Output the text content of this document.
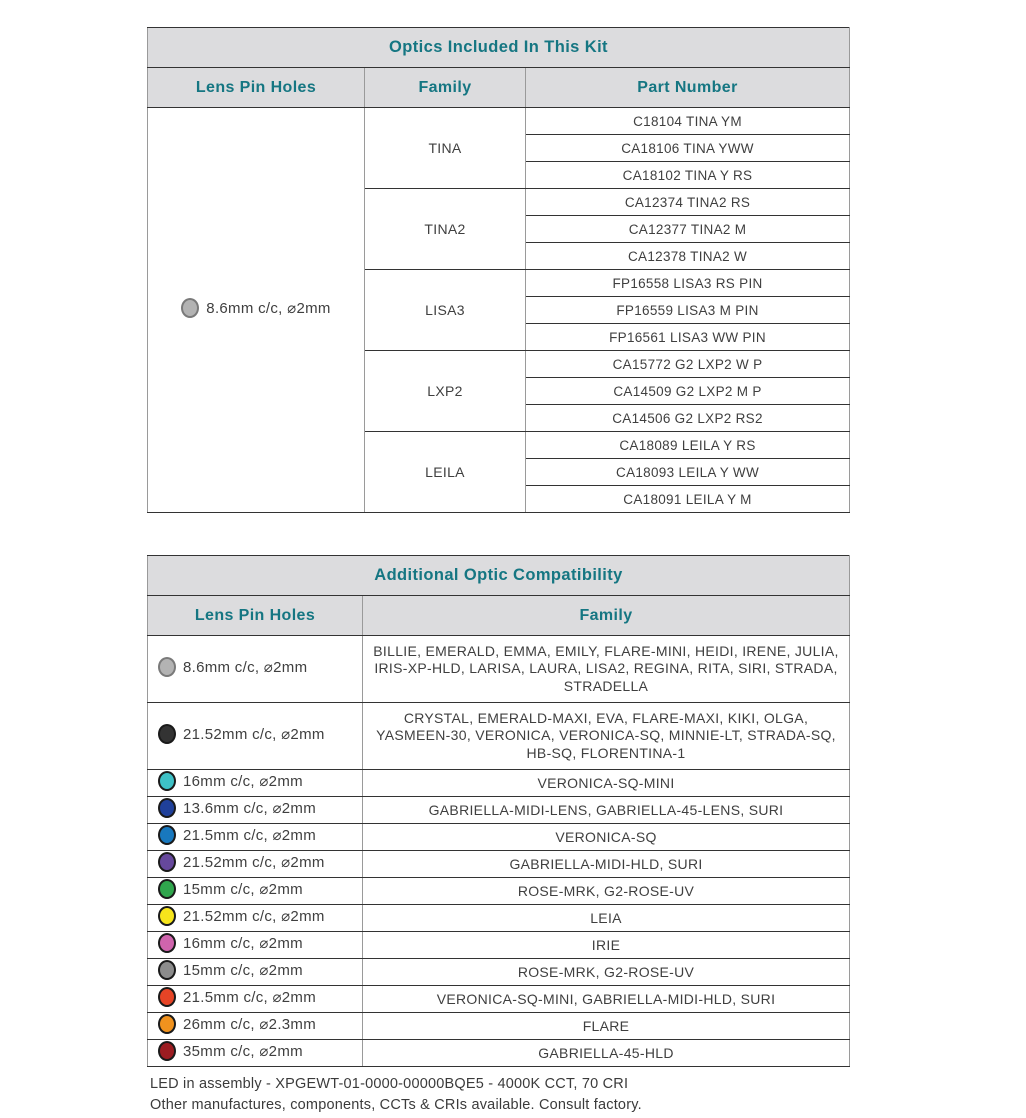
Optics Included In This Kit		
Lens Pin Holes	Family	Part Number

8.6mm c/c, ⌀2mm	TINA	C18104 TINA YM
		CA18106 TINA YWW
		CA18102 TINA Y RS
	TINA2	CA12374 TINA2 RS
		CA12377 TINA2 M
		CA12378 TINA2 W
	LISA3	FP16558 LISA3 RS PIN
		FP16559 LISA3 M PIN
		FP16561 LISA3 WW PIN
	LXP2	CA15772 G2 LXP2 W P
		CA14509 G2 LXP2 M P
		CA14506 G2 LXP2 RS2
	LEILA	CA18089 LEILA Y RS
		CA18093 LEILA Y WW
		CA18091 LEILA Y M
Additional Optic Compatibility	
Lens Pin Holes	Family

8.6mm c/c, ⌀2mm	BILLIE, EMERALD, EMMA, EMILY, FLARE-MINI, HEIDI, IRENE, JULIA, IRIS-XP-HLD, LARISA, LAURA, LISA2, REGINA, RITA, SIRI, STRADA, STRADELLA

21.52mm c/c, ⌀2mm	CRYSTAL, EMERALD-MAXI, EVA, FLARE-MAXI, KIKI, OLGA, YASMEEN-30, VERONICA, VERONICA-SQ, MINNIE-LT, STRADA-SQ, HB-SQ, FLORENTINA-1

16mm c/c, ⌀2mm	VERONICA-SQ-MINI

13.6mm c/c, ⌀2mm	GABRIELLA-MIDI-LENS, GABRIELLA-45-LENS, SURI

21.5mm c/c, ⌀2mm	VERONICA-SQ

21.52mm c/c, ⌀2mm	GABRIELLA-MIDI-HLD, SURI

15mm c/c, ⌀2mm	ROSE-MRK, G2-ROSE-UV

21.52mm c/c, ⌀2mm	LEIA

16mm c/c, ⌀2mm	IRIE

15mm c/c, ⌀2mm	ROSE-MRK, G2-ROSE-UV

21.5mm c/c, ⌀2mm	VERONICA-SQ-MINI, GABRIELLA-MIDI-HLD, SURI

26mm c/c, ⌀2.3mm	FLARE

35mm c/c, ⌀2mm	GABRIELLA-45-HLD
LED in assembly - XPGEWT-01-0000-00000BQE5 - 4000K CCT, 70 CRI
Other manufactures, components, CCTs & CRIs available. Consult factory.
